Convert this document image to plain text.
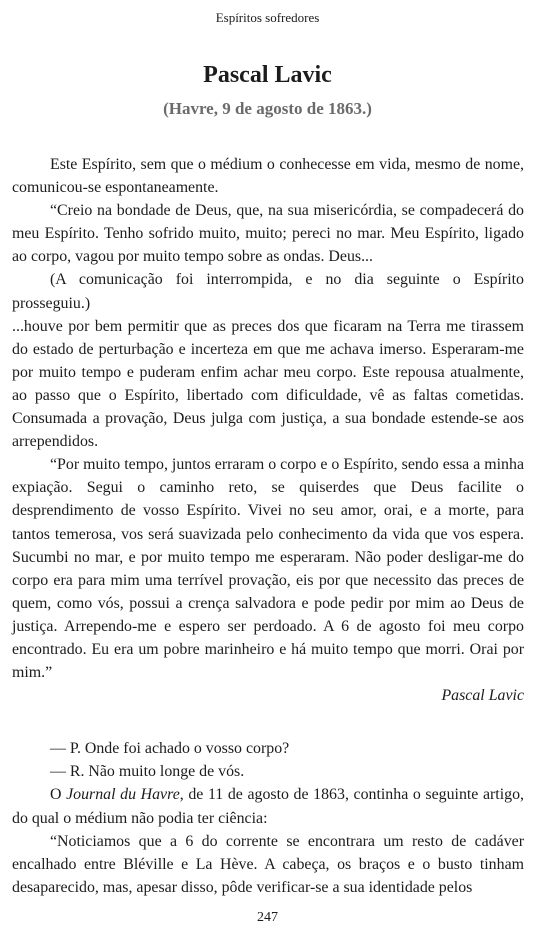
Espíritos sofredores
Pascal Lavic
(Havre, 9 de agosto de 1863.)

Este Espírito, sem que o médium o conhecesse em vida, mesmo de nome, comunicou-se espontaneamente.

“Creio na bondade de Deus, que, na sua misericórdia, se compadecerá do meu Espírito. Tenho sofrido muito, muito; pereci no mar. Meu Espírito, ligado ao corpo, vagou por muito tempo sobre as ondas. Deus...

(A comunicação foi interrompida, e no dia seguinte o Espírito prosseguiu.)

...houve por bem permitir que as preces dos que ficaram na Terra me tirassem do estado de perturbação e incerteza em que me achava imerso. Esperaram-me por muito tempo e puderam enfim achar meu corpo. Este repousa atualmente, ao passo que o Espírito, libertado com dificuldade, vê as faltas cometidas. Consumada a provação, Deus julga com justiça, a sua bondade estende-se aos arrependidos.

“Por muito tempo, juntos erraram o corpo e o Espírito, sendo essa a minha expiação. Segui o caminho reto, se quiserdes que Deus facilite o desprendimento de vosso Espírito. Vivei no seu amor, orai, e a morte, para tantos temerosa, vos será suavizada pelo conhecimento da vida que vos espera. Sucumbi no mar, e por muito tempo me esperaram. Não poder desligar-me do corpo era para mim uma terrível provação, eis por que necessito das preces de quem, como vós, possui a crença salvadora e pode pedir por mim ao Deus de justiça. Arrependo-me e espero ser perdoado. A 6 de agosto foi meu corpo encontrado. Eu era um pobre marinheiro e há muito tempo que morri. Orai por mim.”

Pascal Lavic

— P. Onde foi achado o vosso corpo?

— R. Não muito longe de vós.

O Journal du Havre, de 11 de agosto de 1863, continha o seguinte artigo, do qual o médium não podia ter ciência:

“Noticiamos que a 6 do corrente se encontrara um resto de cadáver encalhado entre Bléville e La Hève. A cabeça, os braços e o busto tinham desaparecido, mas, apesar disso, pôde verificar-se a sua identidade pelos

247
